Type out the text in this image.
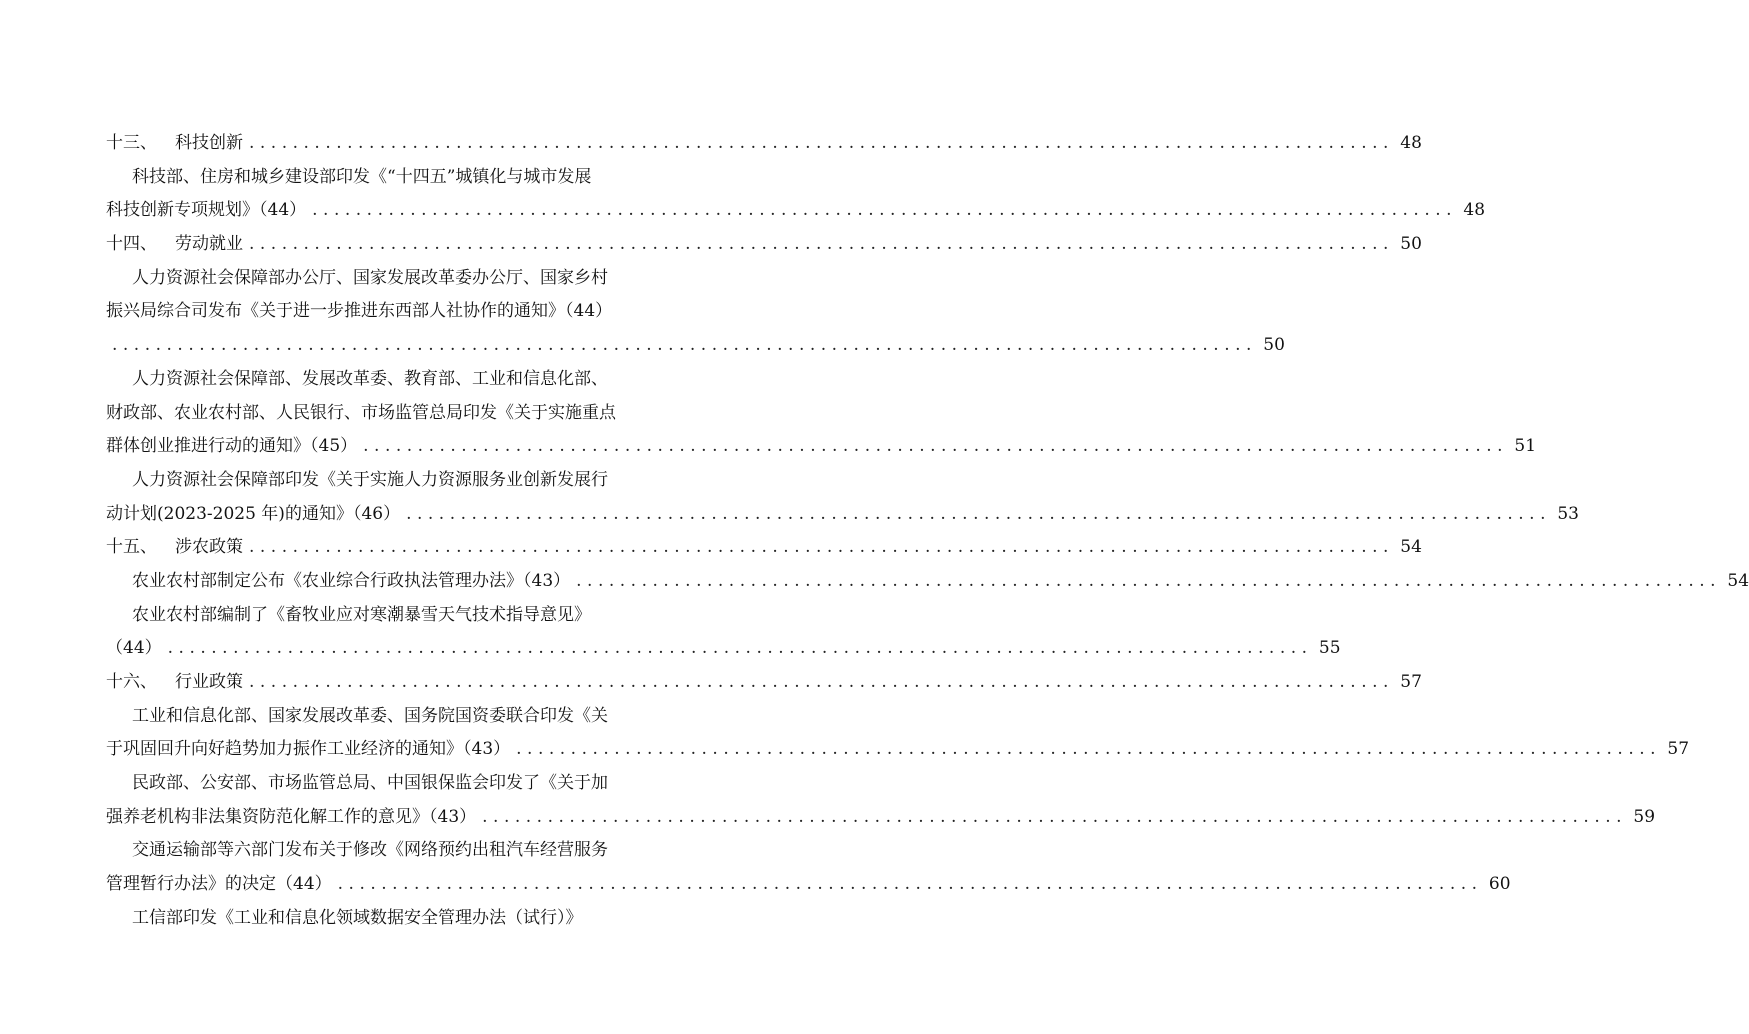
十三、 科技创新 ......................................................................................................... 48
科技部、住房和城乡建设部印发《“十四五”城镇化与城市发展
科技创新专项规划》（44） ......................................................................................................... 48
十四、 劳动就业 ......................................................................................................... 50
人力资源社会保障部办公厅、国家发展改革委办公厅、国家乡村
振兴局综合司发布《关于进一步推进东西部人社协作的通知》（44）
......................................................................................................... 50
人力资源社会保障部、发展改革委、教育部、工业和信息化部、
财政部、农业农村部、人民银行、市场监管总局印发《关于实施重点
群体创业推进行动的通知》（45） ......................................................................................................... 51
人力资源社会保障部印发《关于实施人力资源服务业创新发展行
动计划(2023-2025 年)的通知》（46） ......................................................................................................... 53
十五、 涉农政策 ......................................................................................................... 54
农业农村部制定公布《农业综合行政执法管理办法》（43） ......................................................................................................... 54
农业农村部编制了《畜牧业应对寒潮暴雪天气技术指导意见》
（44） ......................................................................................................... 55
十六、 行业政策 ......................................................................................................... 57
工业和信息化部、国家发展改革委、国务院国资委联合印发《关
于巩固回升向好趋势加力振作工业经济的通知》（43） ......................................................................................................... 57
民政部、公安部、市场监管总局、中国银保监会印发了《关于加
强养老机构非法集资防范化解工作的意见》（43） ......................................................................................................... 59
交通运输部等六部门发布关于修改《网络预约出租汽车经营服务
管理暂行办法》的决定（44） ......................................................................................................... 60
工信部印发《工业和信息化领域数据安全管理办法（试行）》
